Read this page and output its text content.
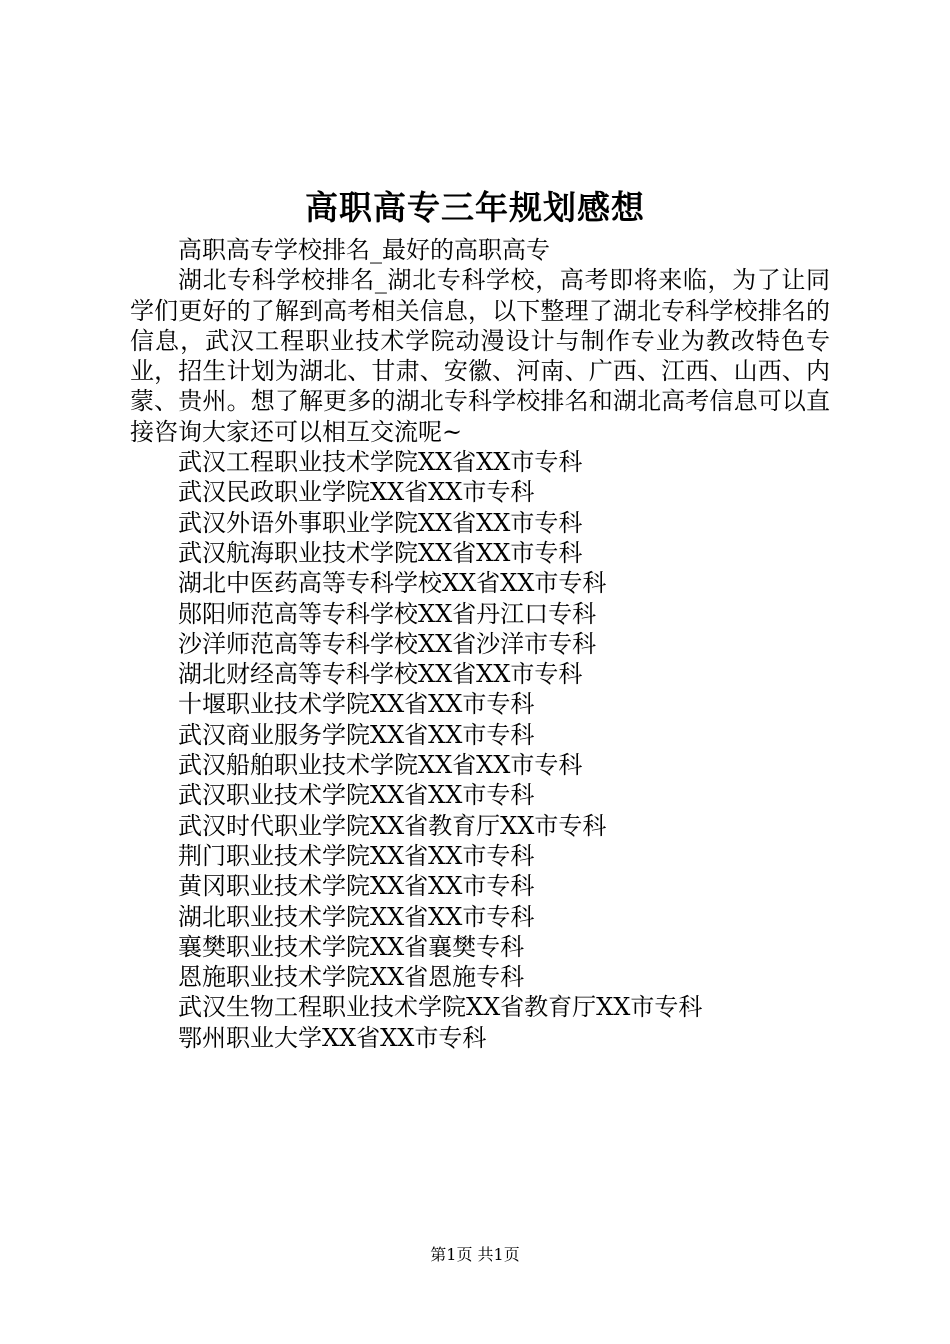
高职高专三年规划感想

高职高专学校排名_最好的高职高专

湖北专科学校排名_湖北专科学校，高考即将来临，为了让同学们更好的了解到高考相关信息，以下整理了湖北专科学校排名的信息，武汉工程职业技术学院动漫设计与制作专业为教改特色专业，招生计划为湖北、甘肃、安徽、河南、广西、江西、山西、内蒙、贵州。想了解更多的湖北专科学校排名和湖北高考信息可以直接咨询大家还可以相互交流呢~

武汉工程职业技术学院XX省XX市专科
武汉民政职业学院XX省XX市专科
武汉外语外事职业学院XX省XX市专科
武汉航海职业技术学院XX省XX市专科
湖北中医药高等专科学校XX省XX市专科
郧阳师范高等专科学校XX省丹江口专科
沙洋师范高等专科学校XX省沙洋市专科
湖北财经高等专科学校XX省XX市专科
十堰职业技术学院XX省XX市专科
武汉商业服务学院XX省XX市专科
武汉船舶职业技术学院XX省XX市专科
武汉职业技术学院XX省XX市专科
武汉时代职业学院XX省教育厅XX市专科
荆门职业技术学院XX省XX市专科
黄冈职业技术学院XX省XX市专科
湖北职业技术学院XX省XX市专科
襄樊职业技术学院XX省襄樊专科
恩施职业技术学院XX省恩施专科
武汉生物工程职业技术学院XX省教育厅XX市专科
鄂州职业大学XX省XX市专科
第1页 共1页
